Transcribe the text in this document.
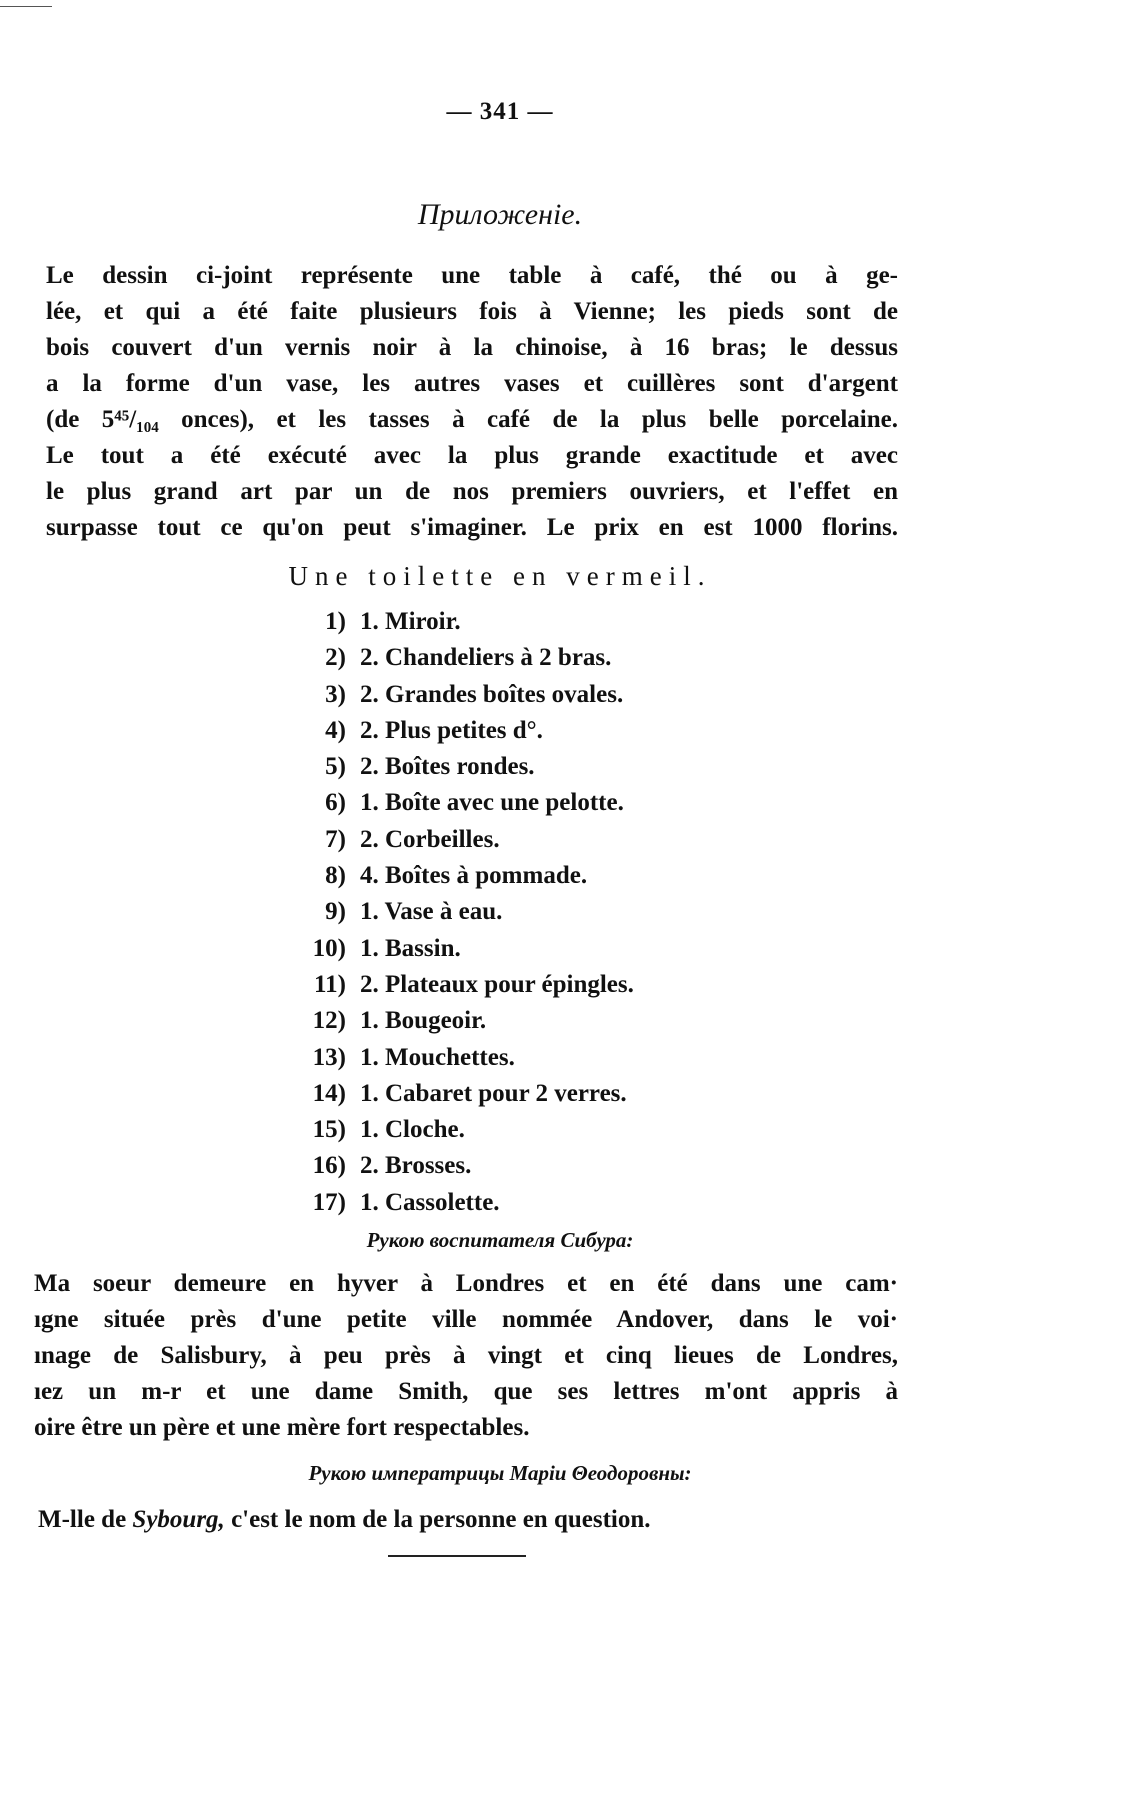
— 341 —
Приложенiе.
Le dessin ci-joint représente une table à café, thé ou à ge-
lée, et qui a été faite plusieurs fois à Vienne; les pieds sont de
bois couvert d'un vernis noir à la chinoise, à 16 bras; le dessus
a la forme d'un vase, les autres vases et cuillères sont d'argent
(de 5⁴⁵/₁₀₄ onces), et les tasses à café de la plus belle porcelaine.
Le tout a été exécuté avec la plus grande exactitude et avec
le plus grand art par un de nos premiers ouvriers, et l'effet en
surpasse tout ce qu'on peut s'imaginer. Le prix en est 1000 florins.
Une toilette en vermeil.
1) 1. Miroir.
2) 2. Chandeliers à 2 bras.
3) 2. Grandes boîtes ovales.
4) 2. Plus petites d°.
5) 2. Boîtes rondes.
6) 1. Boîte avec une pelotte.
7) 2. Corbeilles.
8) 4. Boîtes à pommade.
9) 1. Vase à eau.
10) 1. Bassin.
11) 2. Plateaux pour épingles.
12) 1. Bougeoir.
13) 1. Mouchettes.
14) 1. Cabaret pour 2 verres.
15) 1. Cloche.
16) 2. Brosses.
17) 1. Cassolette.
Рукою воспитателя Сибура:
Ma soeur demeure en hyver à Londres et en été dans une cam·
ıgne située près d'une petite ville nommée Andover, dans le voi·
ınage de Salisbury, à peu près à vingt et cinq lieues de Londres,
ıez un m-r et une dame Smith, que ses lettres m'ont appris à
oire être un père et une mère fort respectables.
Рукою императрицы Марiи Θеодоровны:
M-lle de Sybourg, c'est le nom de la personne en question.
